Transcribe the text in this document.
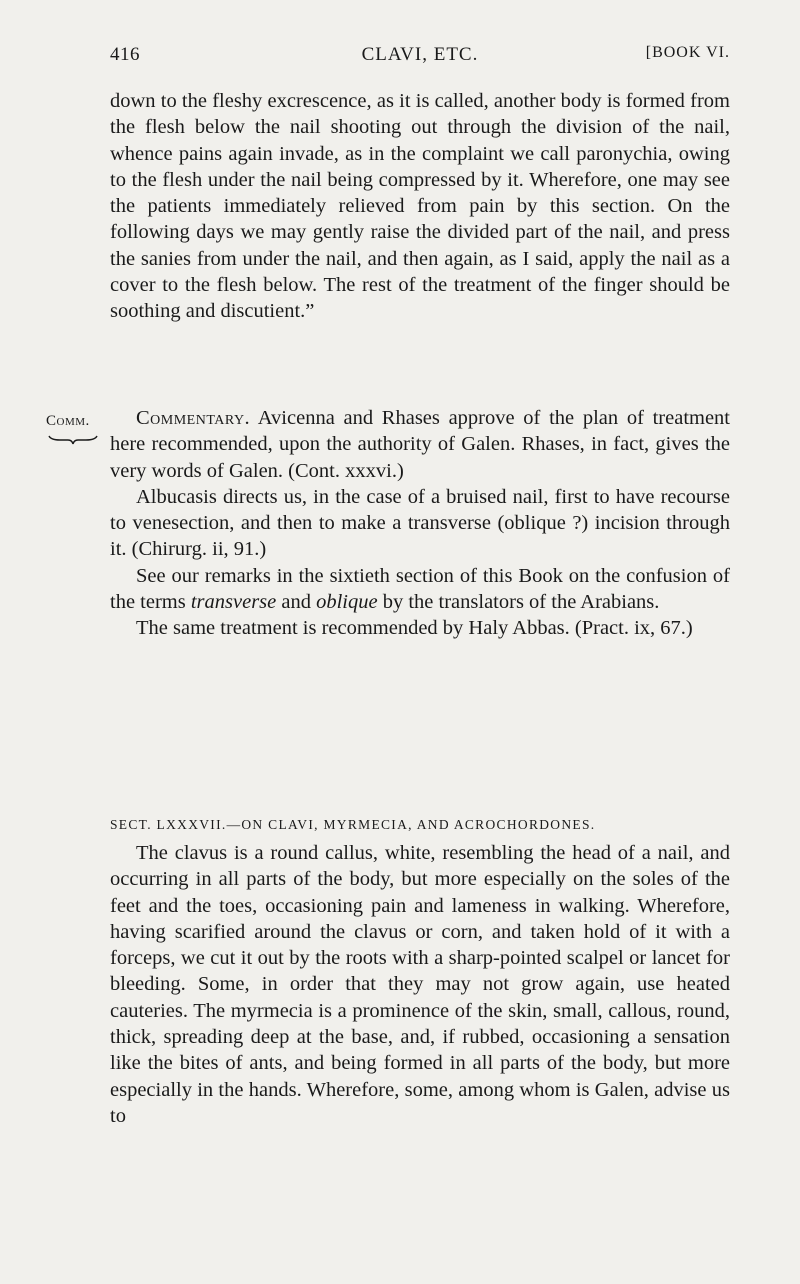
416	CLAVI, ETC.	[BOOK VI.

down to the fleshy excrescence, as it is called, another body is formed from the flesh below the nail shooting out through the division of the nail, whence pains again invade, as in the complaint we call paronychia, owing to the flesh under the nail being compressed by it. Wherefore, one may see the patients immediately relieved from pain by this section. On the following days we may gently raise the divided part of the nail, and press the sanies from under the nail, and then again, as I said, apply the nail as a cover to the flesh below. The rest of the treatment of the finger should be soothing and discutient.”

Comm.	Commentary. Avicenna and Rhases approve of the plan of treatment here recommended, upon the authority of Galen. Rhases, in fact, gives the very words of Galen. (Cont. xxxvi.)

Albucasis directs us, in the case of a bruised nail, first to have recourse to venesection, and then to make a transverse (oblique ?) incision through it. (Chirurg. ii, 91.)

See our remarks in the sixtieth section of this Book on the confusion of the terms transverse and oblique by the translators of the Arabians.

The same treatment is recommended by Haly Abbas. (Pract. ix, 67.)

SECT. LXXXVII.—ON CLAVI, MYRMECIA, AND ACROCHORDONES.

The clavus is a round callus, white, resembling the head of a nail, and occurring in all parts of the body, but more especially on the soles of the feet and the toes, occasioning pain and lameness in walking. Wherefore, having scarified around the clavus or corn, and taken hold of it with a forceps, we cut it out by the roots with a sharp-pointed scalpel or lancet for bleeding. Some, in order that they may not grow again, use heated cauteries. The myrmecia is a prominence of the skin, small, callous, round, thick, spreading deep at the base, and, if rubbed, occasioning a sensation like the bites of ants, and being formed in all parts of the body, but more especially in the hands. Wherefore, some, among whom is Galen, advise us to
